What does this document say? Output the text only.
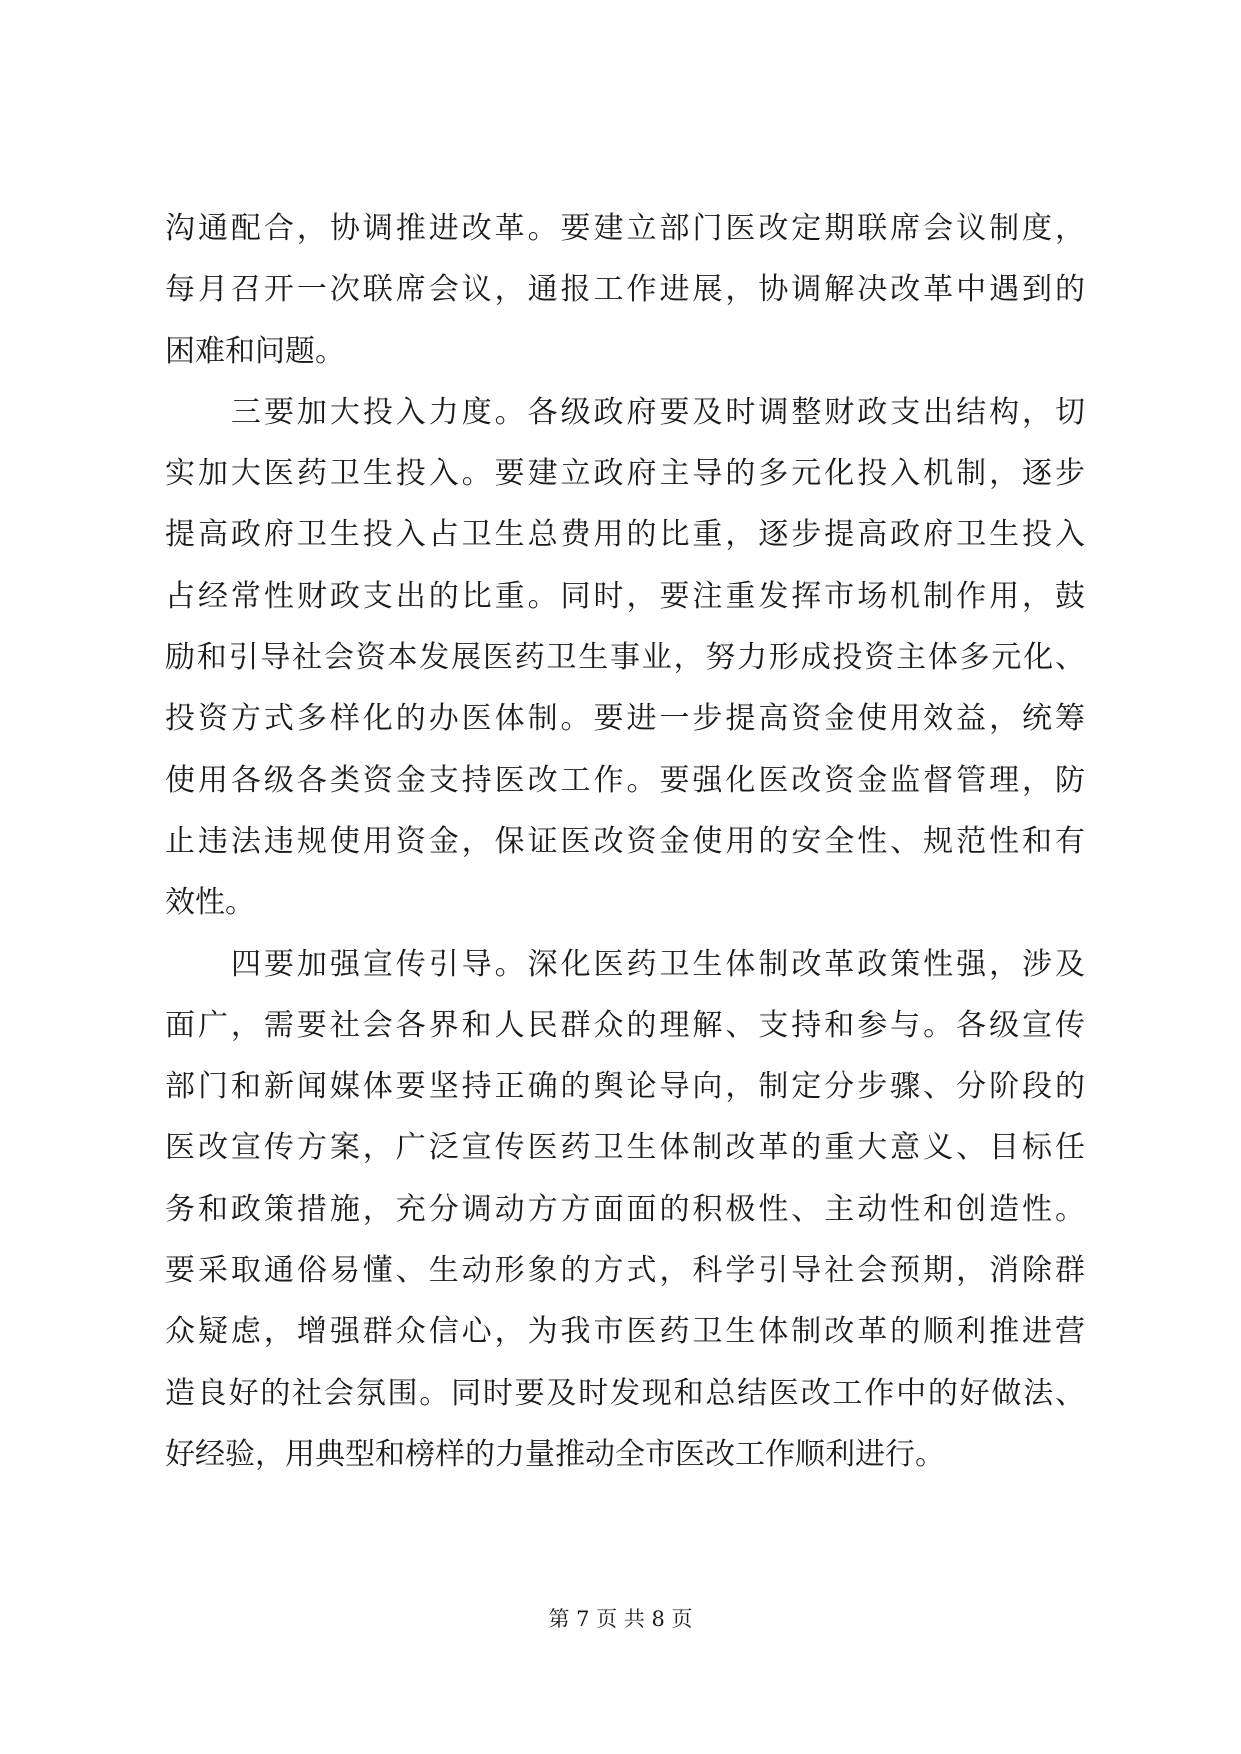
沟通配合，协调推进改革。要建立部门医改定期联席会议制度，
每月召开一次联席会议，通报工作进展，协调解决改革中遇到的
困难和问题。
三要加大投入力度。各级政府要及时调整财政支出结构，切
实加大医药卫生投入。要建立政府主导的多元化投入机制，逐步
提高政府卫生投入占卫生总费用的比重，逐步提高政府卫生投入
占经常性财政支出的比重。同时，要注重发挥市场机制作用，鼓
励和引导社会资本发展医药卫生事业，努力形成投资主体多元化、
投资方式多样化的办医体制。要进一步提高资金使用效益，统筹
使用各级各类资金支持医改工作。要强化医改资金监督管理，防
止违法违规使用资金，保证医改资金使用的安全性、规范性和有
效性。
四要加强宣传引导。深化医药卫生体制改革政策性强，涉及
面广，需要社会各界和人民群众的理解、支持和参与。各级宣传
部门和新闻媒体要坚持正确的舆论导向，制定分步骤、分阶段的
医改宣传方案，广泛宣传医药卫生体制改革的重大意义、目标任
务和政策措施，充分调动方方面面的积极性、主动性和创造性。
要采取通俗易懂、生动形象的方式，科学引导社会预期，消除群
众疑虑，增强群众信心，为我市医药卫生体制改革的顺利推进营
造良好的社会氛围。同时要及时发现和总结医改工作中的好做法、
好经验，用典型和榜样的力量推动全市医改工作顺利进行。
第 7 页 共 8 页
